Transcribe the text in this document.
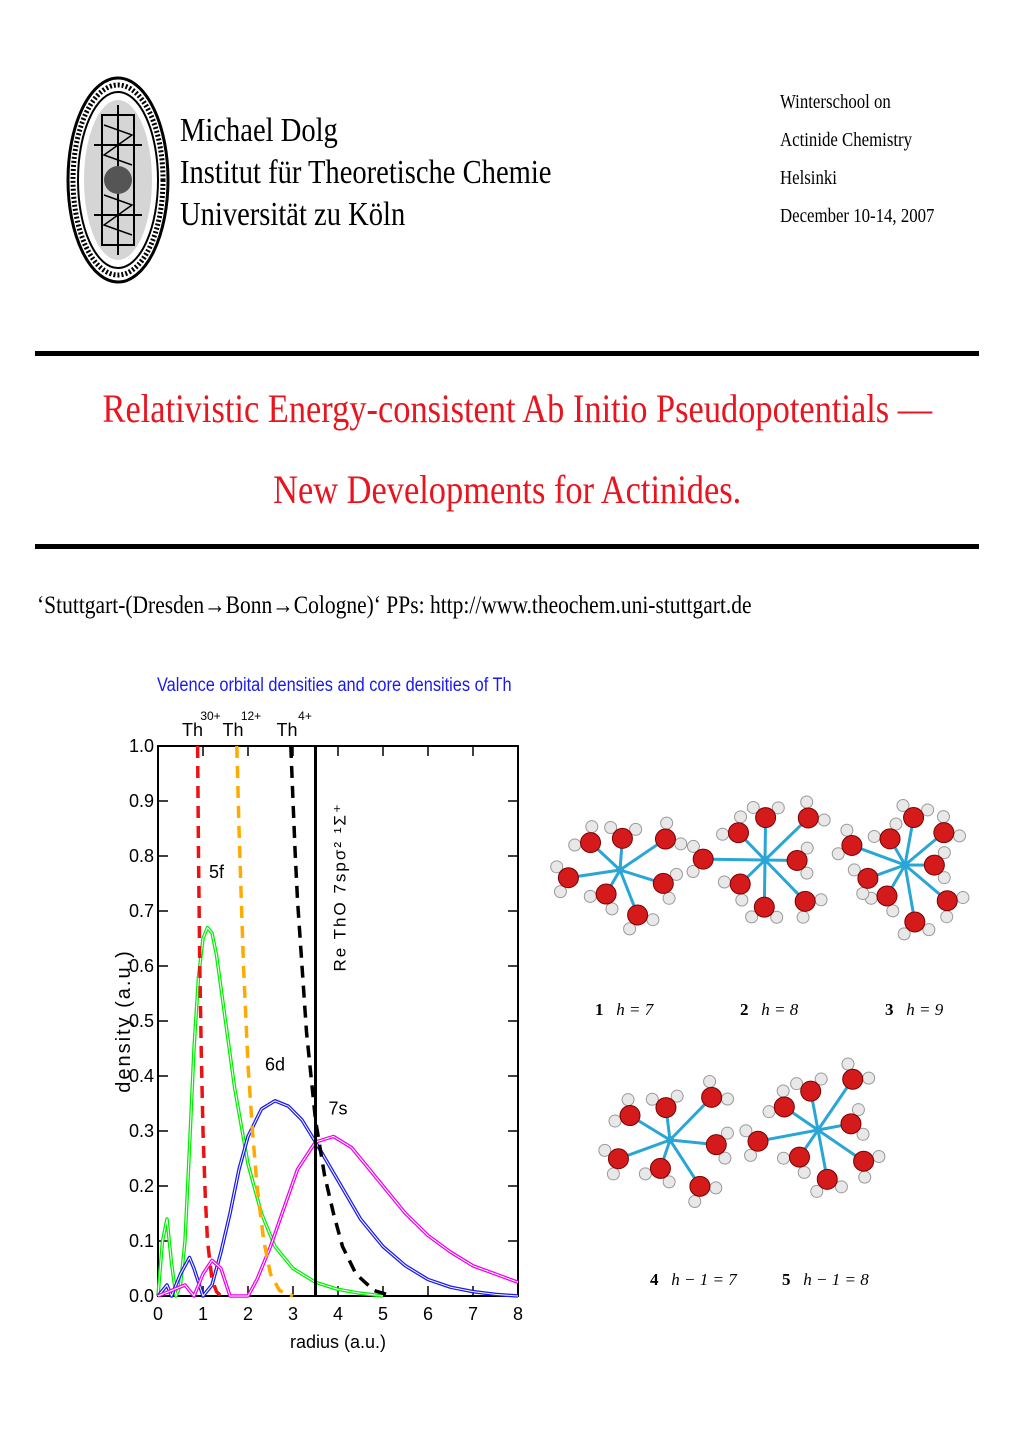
Michael Dolg
Institut für Theoretische Chemie
Universität zu Köln
Winterschool on
Actinide Chemistry
Helsinki
December 10-14, 2007
Relativistic Energy-consistent Ab Initio Pseudopotentials —
New Developments for Actinides.
‘Stuttgart-(Dresden→Bonn→Cologne)‘ PPs: http://www.theochem.uni-stuttgart.de
Valence orbital densities and core densities of Th
0 1 2 3 4 5 6 7 8
0.0
0.1
0.2
0.3
0.4
0.5
0.6
0.7
0.8
0.9
1.0
radius (a.u.)
density (a.u.)
5f
6d
7s
Re ThO 7spσ² ¹Σ⁺
Th
30+
Th
12+
Th
4+
1 h = 7	2 h = 8	3 h = 9
4 h − 1 = 7	5 h − 1 = 8
